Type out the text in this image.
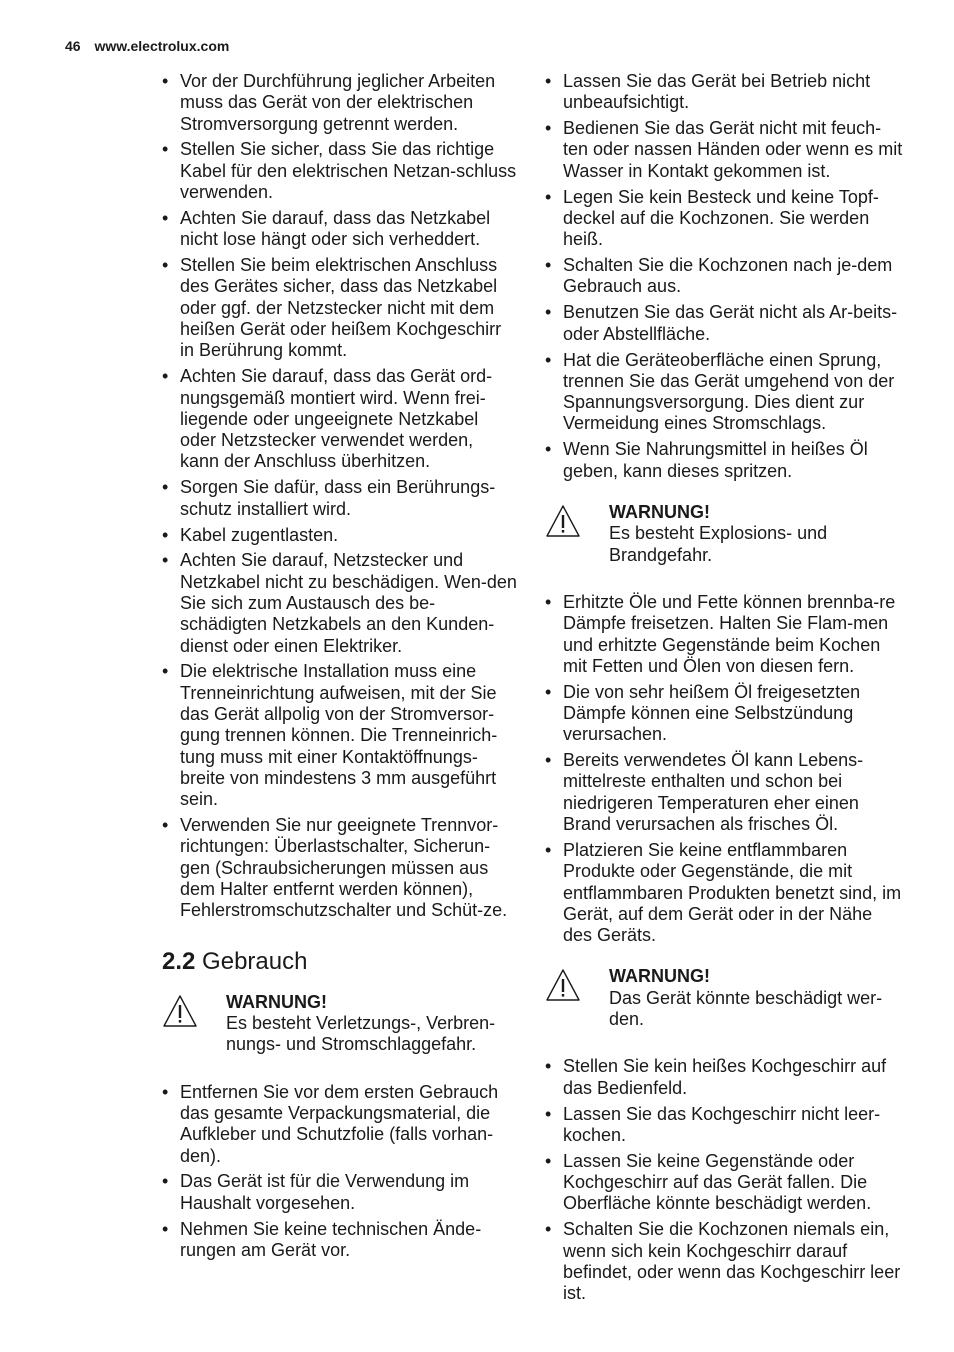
46 www.electrolux.com
• Vor der Durchführung jeglicher Arbeiten muss das Gerät von der elektrischen Stromversorgung getrennt werden.
• Stellen Sie sicher, dass Sie das richtige Kabel für den elektrischen Netzan-schluss verwenden.
• Achten Sie darauf, dass das Netzkabel nicht lose hängt oder sich verheddert.
• Stellen Sie beim elektrischen Anschluss des Gerätes sicher, dass das Netzkabel oder ggf. der Netzstecker nicht mit dem heißen Gerät oder heißem Kochgeschirr in Berührung kommt.
• Achten Sie darauf, dass das Gerät ord-nungsgemäß montiert wird. Wenn frei-liegende oder ungeeignete Netzkabel oder Netzstecker verwendet werden, kann der Anschluss überhitzen.
• Sorgen Sie dafür, dass ein Berührungs-schutz installiert wird.
• Kabel zugentlasten.
• Achten Sie darauf, Netzstecker und Netzkabel nicht zu beschädigen. Wen-den Sie sich zum Austausch des be-schädigten Netzkabels an den Kunden-dienst oder einen Elektriker.
• Die elektrische Installation muss eine Trenneinrichtung aufweisen, mit der Sie das Gerät allpolig von der Stromversor-gung trennen können. Die Trenneinrich-tung muss mit einer Kontaktöffnungs-breite von mindestens 3 mm ausgeführt sein.
• Verwenden Sie nur geeignete Trennvor-richtungen: Überlastschalter, Sicherun-gen (Schraubsicherungen müssen aus dem Halter entfernt werden können), Fehlerstromschutzschalter und Schüt-ze.
2.2 Gebrauch
WARNUNG!
Es besteht Verletzungs-, Verbren-nungs- und Stromschlaggefahr.
• Entfernen Sie vor dem ersten Gebrauch das gesamte Verpackungsmaterial, die Aufkleber und Schutzfolie (falls vorhan-den).
• Das Gerät ist für die Verwendung im Haushalt vorgesehen.
• Nehmen Sie keine technischen Ände-rungen am Gerät vor.
• Lassen Sie das Gerät bei Betrieb nicht unbeaufsichtigt.
• Bedienen Sie das Gerät nicht mit feuch-ten oder nassen Händen oder wenn es mit Wasser in Kontakt gekommen ist.
• Legen Sie kein Besteck und keine Topf-deckel auf die Kochzonen. Sie werden heiß.
• Schalten Sie die Kochzonen nach je-dem Gebrauch aus.
• Benutzen Sie das Gerät nicht als Ar-beits- oder Abstellfläche.
• Hat die Geräteoberfläche einen Sprung, trennen Sie das Gerät umgehend von der Spannungsversorgung. Dies dient zur Vermeidung eines Stromschlags.
• Wenn Sie Nahrungsmittel in heißes Öl geben, kann dieses spritzen.
WARNUNG!
Es besteht Explosions- und Brandgefahr.
• Erhitzte Öle und Fette können brennba-re Dämpfe freisetzen. Halten Sie Flam-men und erhitzte Gegenstände beim Kochen mit Fetten und Ölen von diesen fern.
• Die von sehr heißem Öl freigesetzten Dämpfe können eine Selbstzündung verursachen.
• Bereits verwendetes Öl kann Lebens-mittelreste enthalten und schon bei niedrigeren Temperaturen eher einen Brand verursachen als frisches Öl.
• Platzieren Sie keine entflammbaren Produkte oder Gegenstände, die mit entflammbaren Produkten benetzt sind, im Gerät, auf dem Gerät oder in der Nähe des Geräts.
WARNUNG!
Das Gerät könnte beschädigt wer-den.
• Stellen Sie kein heißes Kochgeschirr auf das Bedienfeld.
• Lassen Sie das Kochgeschirr nicht leer-kochen.
• Lassen Sie keine Gegenstände oder Kochgeschirr auf das Gerät fallen. Die Oberfläche könnte beschädigt werden.
• Schalten Sie die Kochzonen niemals ein, wenn sich kein Kochgeschirr darauf befindet, oder wenn das Kochgeschirr leer ist.
